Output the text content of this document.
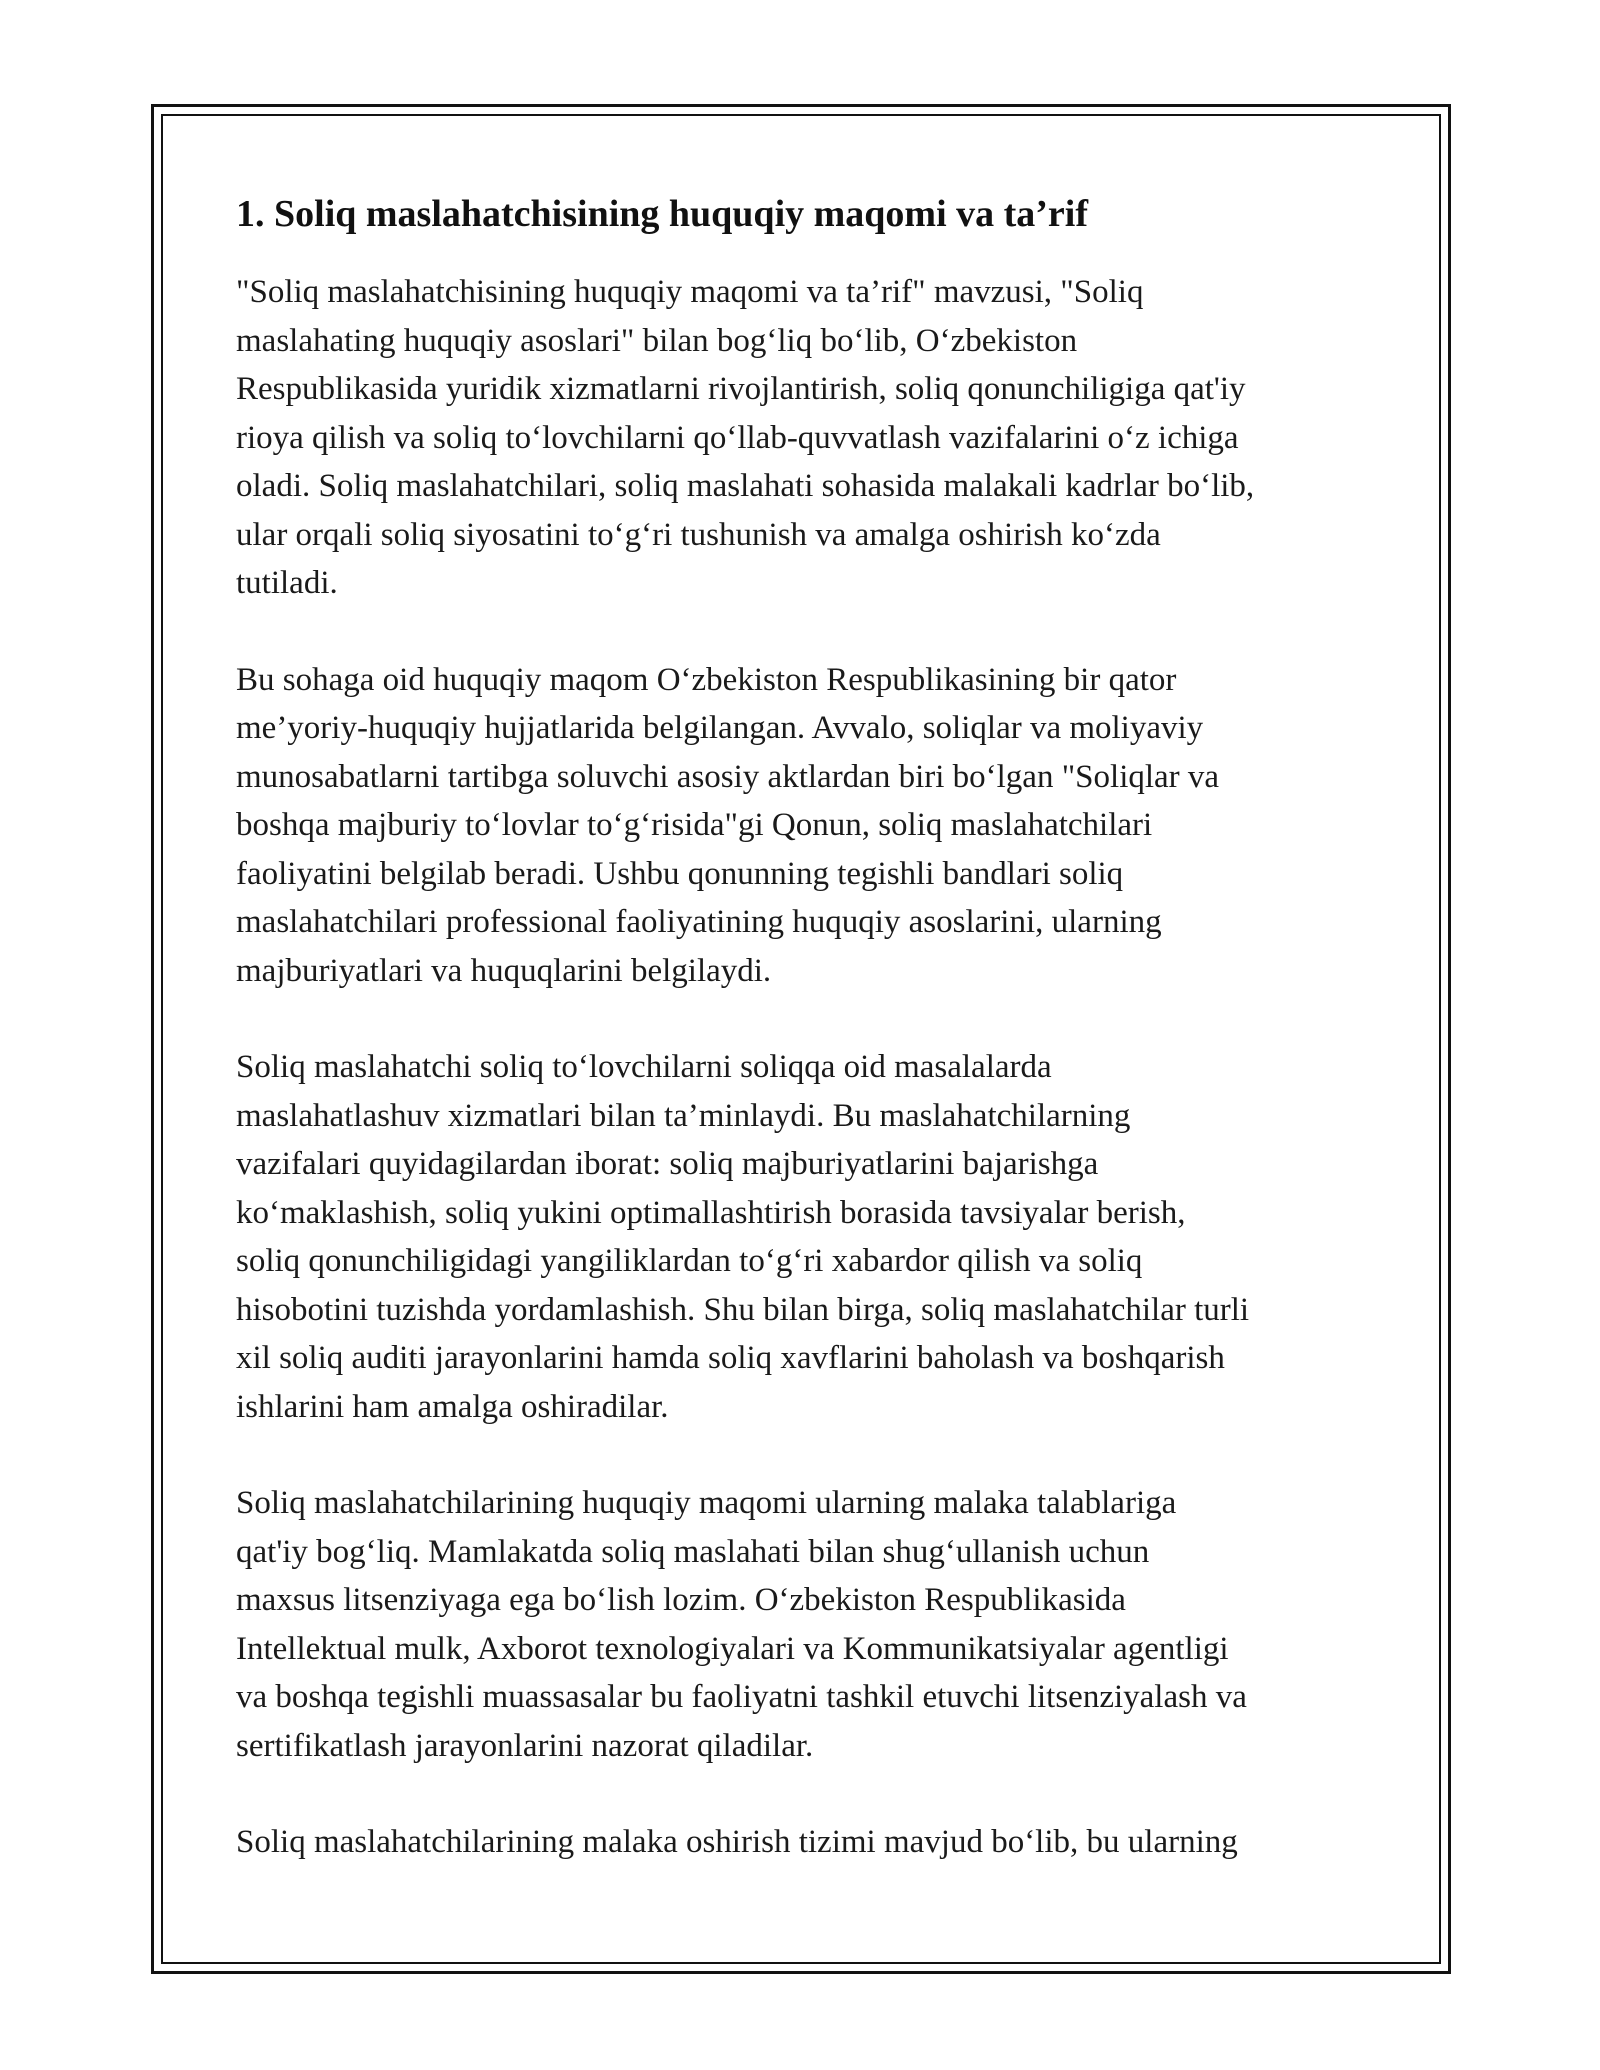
1. Soliq maslahatchisining huquqiy maqomi va ta’rif

"Soliq maslahatchisining huquqiy maqomi va ta’rif" mavzusi, "Soliq
maslahating huquqiy asoslari" bilan bog‘liq bo‘lib, O‘zbekiston
Respublikasida yuridik xizmatlarni rivojlantirish, soliq qonunchiligiga qat'iy
rioya qilish va soliq to‘lovchilarni qo‘llab-quvvatlash vazifalarini o‘z ichiga
oladi. Soliq maslahatchilari, soliq maslahati sohasida malakali kadrlar bo‘lib,
ular orqali soliq siyosatini to‘g‘ri tushunish va amalga oshirish ko‘zda
tutiladi.

Bu sohaga oid huquqiy maqom O‘zbekiston Respublikasining bir qator
me’yoriy-huquqiy hujjatlarida belgilangan. Avvalo, soliqlar va moliyaviy
munosabatlarni tartibga soluvchi asosiy aktlardan biri bo‘lgan "Soliqlar va
boshqa majburiy to‘lovlar to‘g‘risida"gi Qonun, soliq maslahatchilari
faoliyatini belgilab beradi. Ushbu qonunning tegishli bandlari soliq
maslahatchilari professional faoliyatining huquqiy asoslarini, ularning
majburiyatlari va huquqlarini belgilaydi.

Soliq maslahatchi soliq to‘lovchilarni soliqqa oid masalalarda
maslahatlashuv xizmatlari bilan ta’minlaydi. Bu maslahatchilarning
vazifalari quyidagilardan iborat: soliq majburiyatlarini bajarishga
ko‘maklashish, soliq yukini optimallashtirish borasida tavsiyalar berish,
soliq qonunchiligidagi yangiliklardan to‘g‘ri xabardor qilish va soliq
hisobotini tuzishda yordamlashish. Shu bilan birga, soliq maslahatchilar turli
xil soliq auditi jarayonlarini hamda soliq xavflarini baholash va boshqarish
ishlarini ham amalga oshiradilar.

Soliq maslahatchilarining huquqiy maqomi ularning malaka talablariga
qat'iy bog‘liq. Mamlakatda soliq maslahati bilan shug‘ullanish uchun
maxsus litsenziyaga ega bo‘lish lozim. O‘zbekiston Respublikasida
Intellektual mulk, Axborot texnologiyalari va Kommunikatsiyalar agentligi
va boshqa tegishli muassasalar bu faoliyatni tashkil etuvchi litsenziyalash va
sertifikatlash jarayonlarini nazorat qiladilar.

Soliq maslahatchilarining malaka oshirish tizimi mavjud bo‘lib, bu ularning
